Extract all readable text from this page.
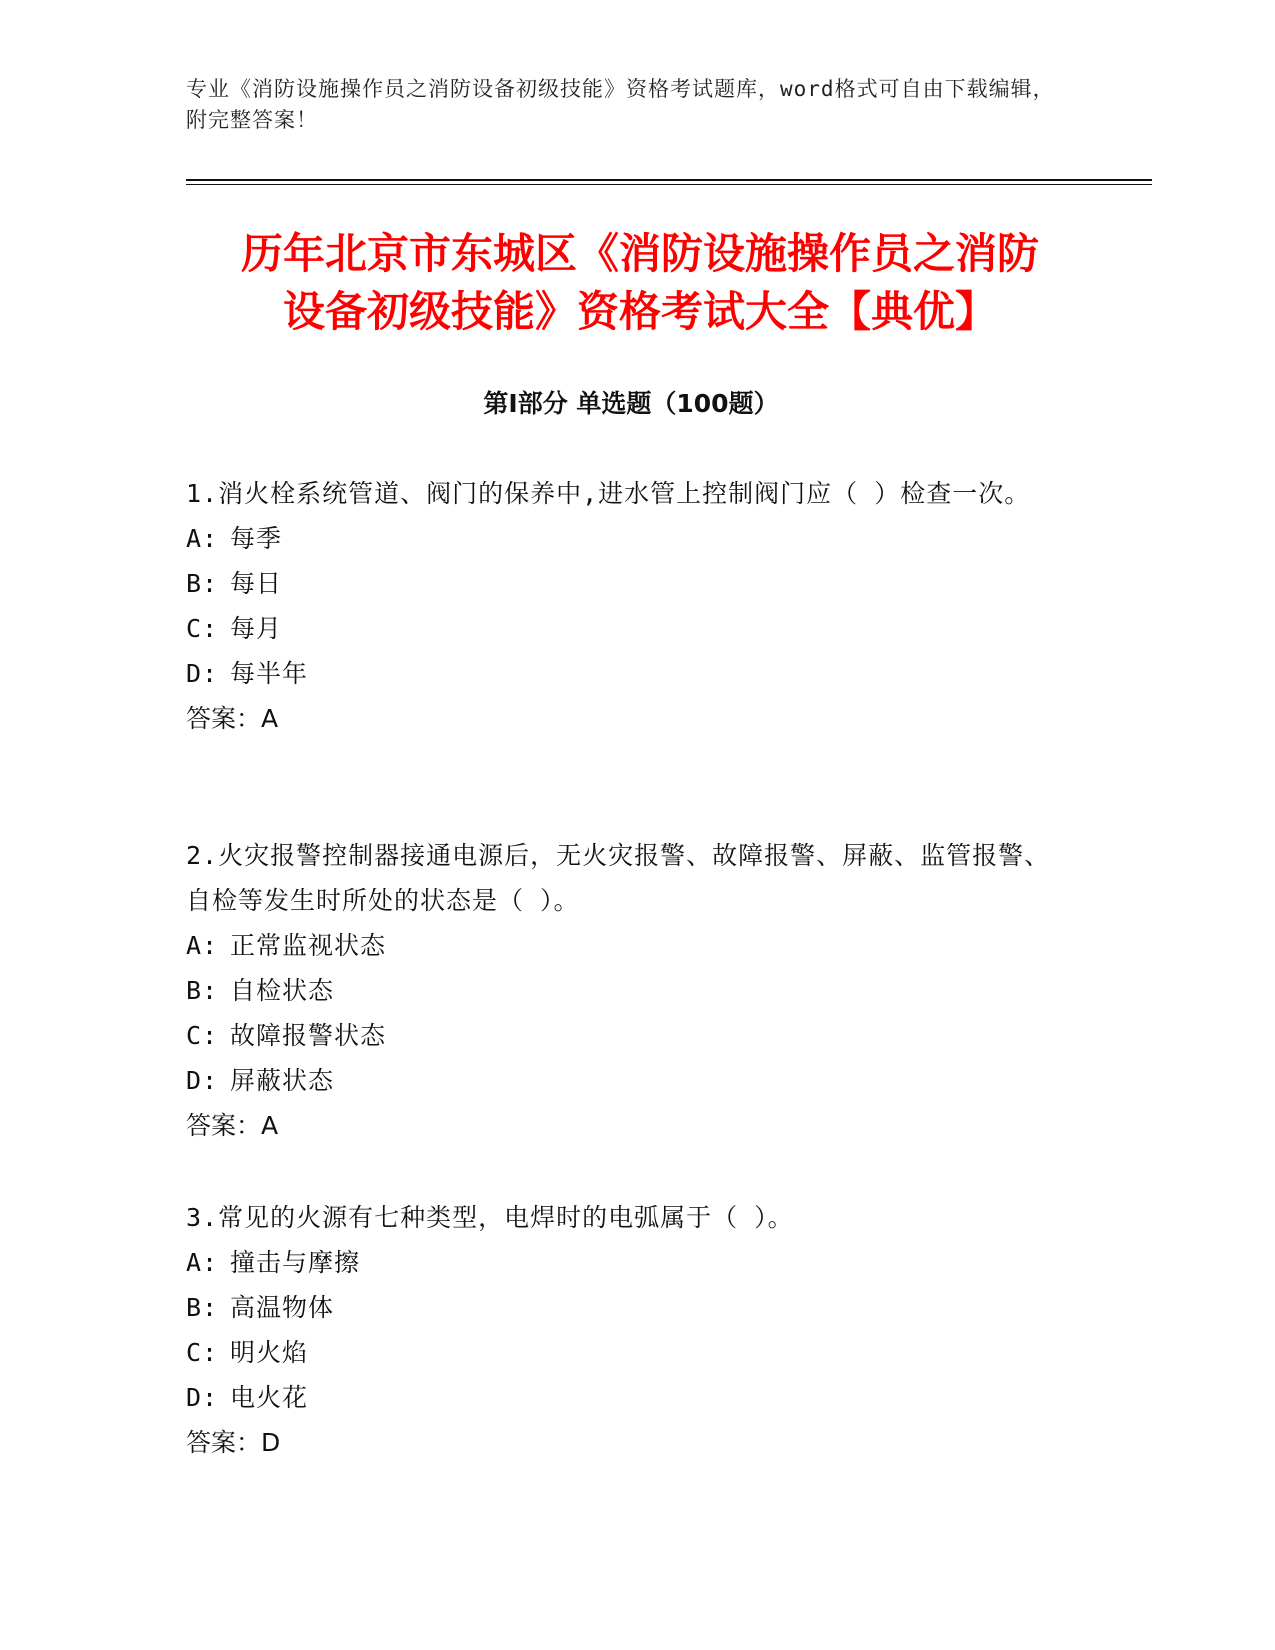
专业《消防设施操作员之消防设备初级技能》资格考试题库，word格式可自由下载编辑，附完整答案！
历年北京市东城区《消防设施操作员之消防
设备初级技能》资格考试大全【典优】
第Ⅰ部分 单选题（100题）

1.消火栓系统管道、阀门的保养中,进水管上控制阀门应（ ）检查一次。

A: 每季

B: 每日

C: 每月

D: 每半年

答案：A

2.火灾报警控制器接通电源后，无火灾报警、故障报警、屏蔽、监管报警、自检等发生时所处的状态是（ ）。

A: 正常监视状态

B: 自检状态

C: 故障报警状态

D: 屏蔽状态

答案：A

3.常见的火源有七种类型，电焊时的电弧属于（ ）。

A: 撞击与摩擦

B: 高温物体

C: 明火焰

D: 电火花

答案：D
